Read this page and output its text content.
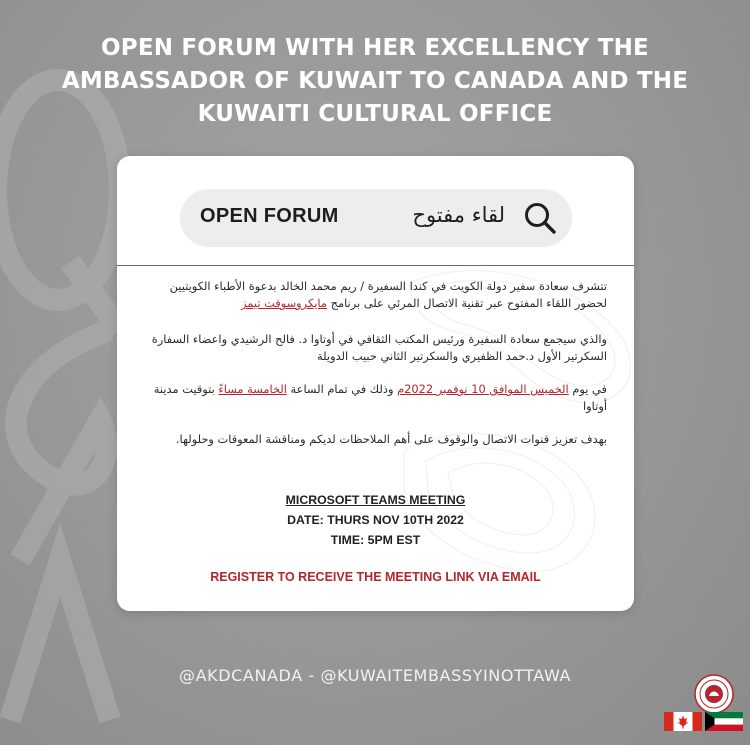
OPEN FORUM WITH HER EXCELLENCY THE
AMBASSADOR OF KUWAIT TO CANADA AND THE
KUWAITI CULTURAL OFFICE
OPEN FORUM	لقاء مفتوح

تتشرف سعادة سفير دولة الكويت في كندا السفيرة / ريم محمد الخالد بدعوة الأطباء الكويتيين لحضور اللقاء المفتوح عبر تقنية الاتصال المرئي على برنامج مايكروسوفت تيمز

والذي سيجمع سعادة السفيرة ورئيس المكتب الثقافي في أوتاوا د. فالح الرشيدي واعضاء السفارة السكرتير الأول د.حمد الظفيري والسكرتير الثاني حبيب الدويلة

في يوم الخميس الموافق 10 نوفمبر 2022م وذلك في تمام الساعة الخامسة مساءً بتوقيت مدينة أوتاوا

بهدف تعزيز قنوات الاتصال والوقوف على أهم الملاحظات لديكم ومناقشة المعوقات وحلولها.

MICROSOFT TEAMS MEETING
DATE: THURS NOV 10TH 2022
TIME: 5PM EST
REGISTER TO RECEIVE THE MEETING LINK VIA EMAIL
@AKDCANADA - @KUWAITEMBASSYINOTTAWA
